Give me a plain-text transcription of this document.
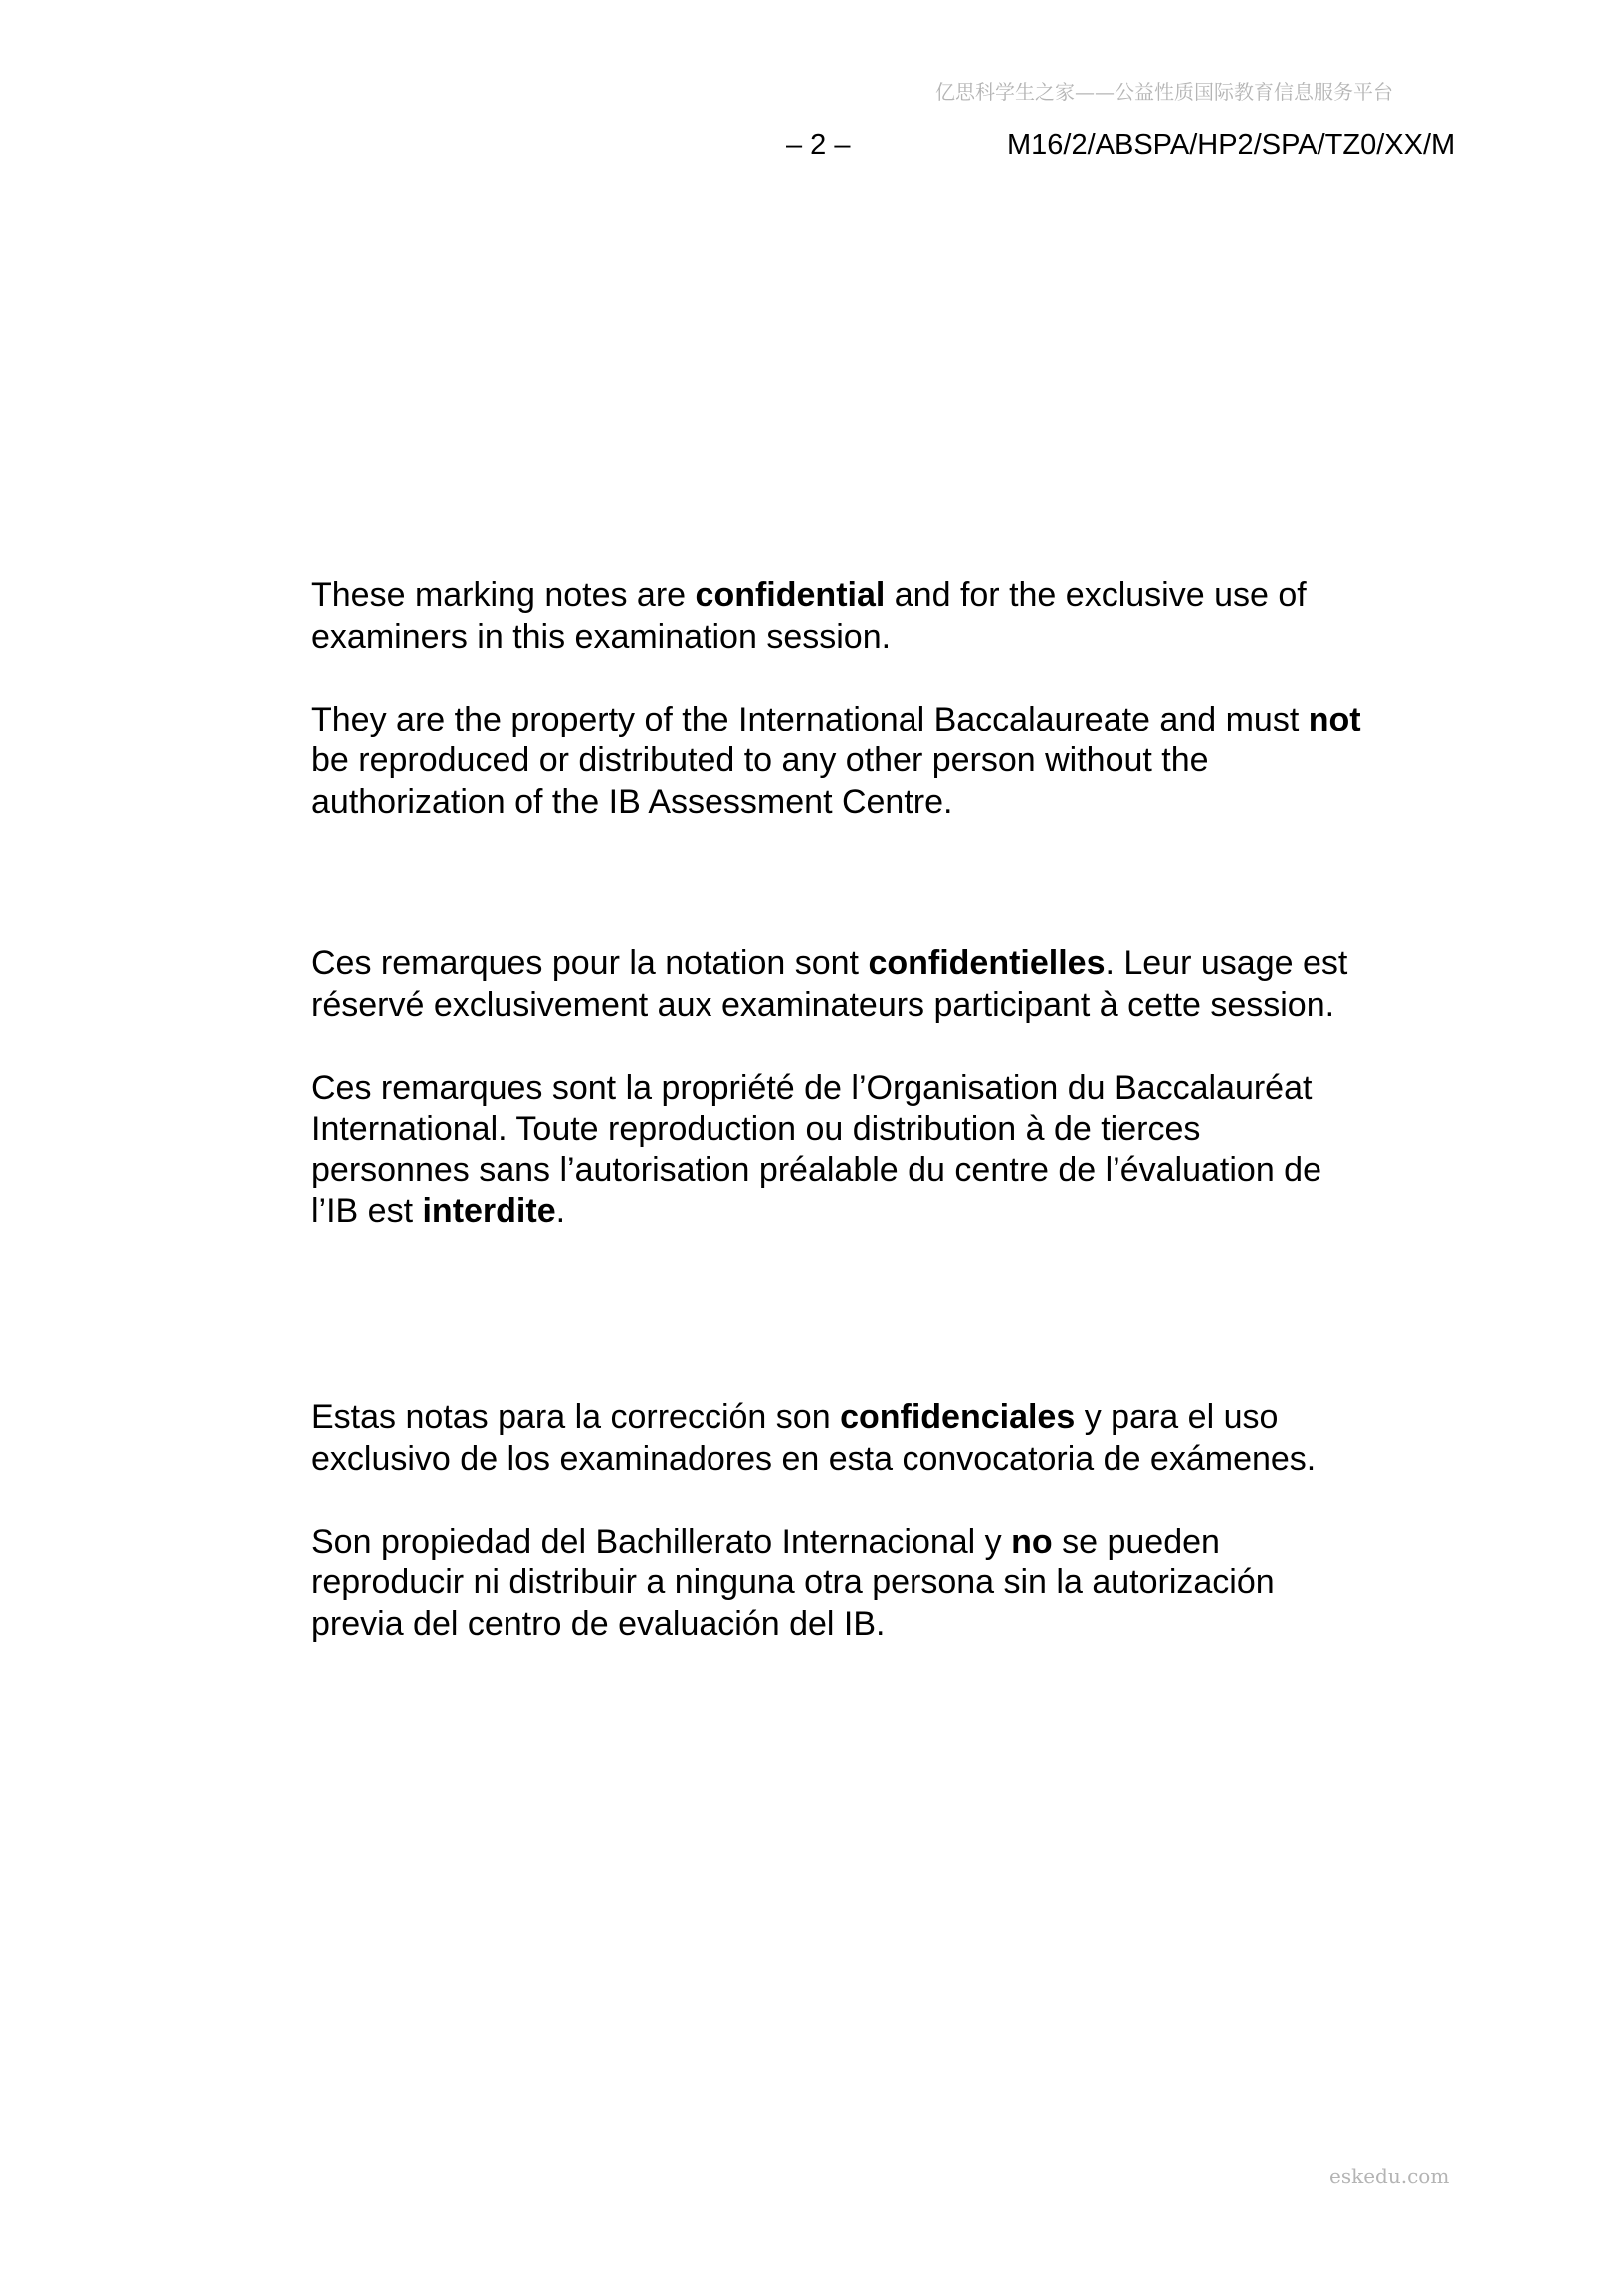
亿思科学生之家——公益性质国际教育信息服务平台
– 2 –	M16/2/ABSPA/HP2/SPA/TZ0/XX/M

These marking notes are confidential and for the exclusive use of examiners in this examination session.

They are the property of the International Baccalaureate and must not be reproduced or distributed to any other person without the authorization of the IB Assessment Centre.

Ces remarques pour la notation sont confidentielles. Leur usage est réservé exclusivement aux examinateurs participant à cette session.

Ces remarques sont la propriété de l’Organisation du Baccalauréat International. Toute reproduction ou distribution à de tierces personnes sans l’autorisation préalable du centre de l’évaluation de l’IB est interdite.

Estas notas para la corrección son confidenciales y para el uso exclusivo de los examinadores en esta convocatoria de exámenes.

Son propiedad del Bachillerato Internacional y no se pueden reproducir ni distribuir a ninguna otra persona sin la autorización previa del centro de evaluación del IB.

eskedu.com
